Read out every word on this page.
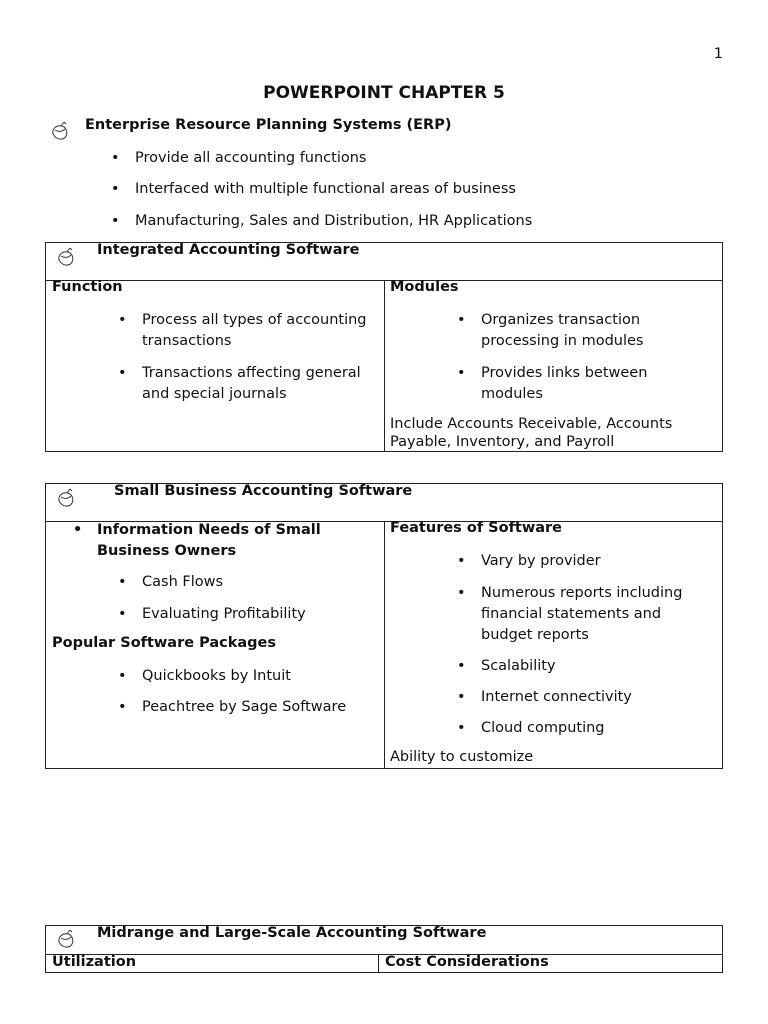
1
POWERPOINT CHAPTER 5
Enterprise Resource Planning Systems (ERP)
• Provide all accounting functions
• Interfaced with multiple functional areas of business
• Manufacturing, Sales and Distribution, HR Applications
Integrated Accounting Software
Function
• Process all types of accounting transactions
• Transactions affecting general and special journals
Modules
• Organizes transaction processing in modules
• Provides links between modules
Include Accounts Receivable, Accounts Payable, Inventory, and Payroll
Small Business Accounting Software
• Information Needs of Small Business Owners
• Cash Flows
• Evaluating Profitability
Popular Software Packages
• Quickbooks by Intuit
• Peachtree by Sage Software
Features of Software
• Vary by provider
• Numerous reports including financial statements and budget reports
• Scalability
• Internet connectivity
• Cloud computing
Ability to customize
Midrange and Large-Scale Accounting Software
Utilization	Cost Considerations
